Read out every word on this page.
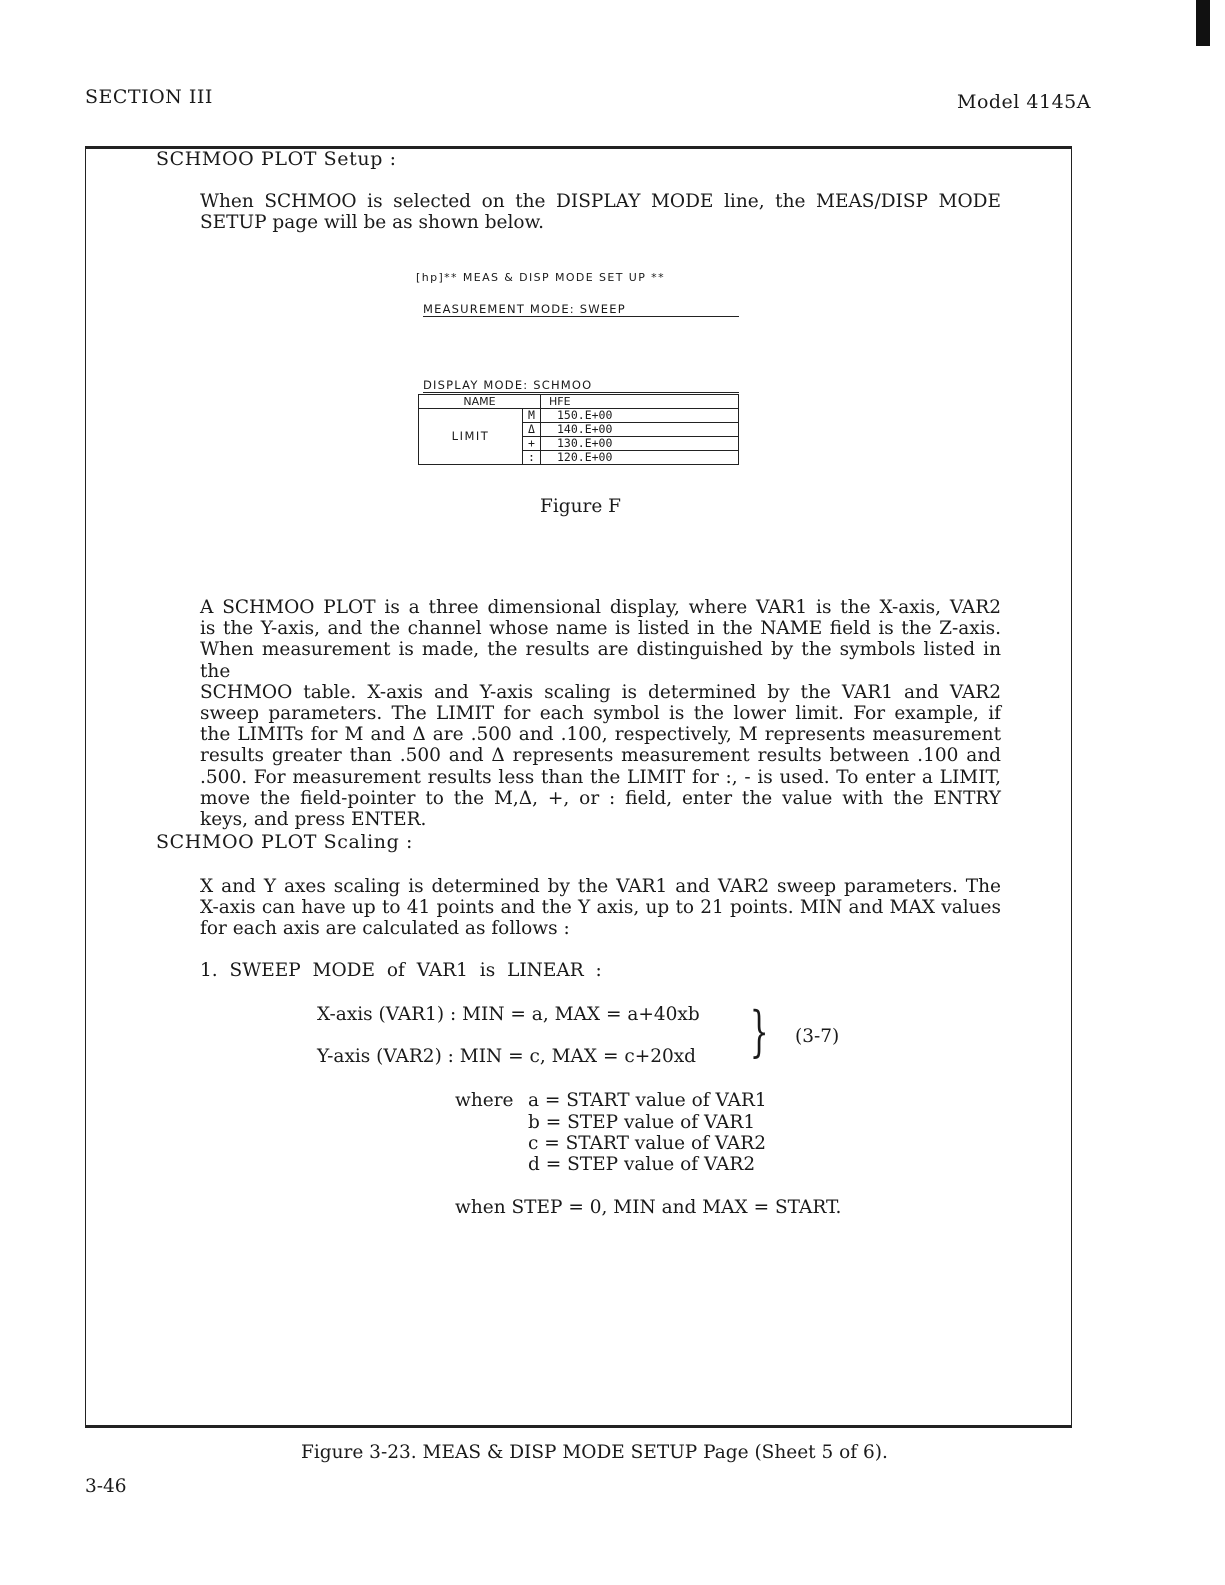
SECTION III	Model 4145A
SCHMOO PLOT Setup :
When SCHMOO is selected on the DISPLAY MODE line, the MEAS/DISP MODE
SETUP page will be as shown below.
[hp]** MEAS & DISP MODE SET UP **
MEASUREMENT MODE: SWEEP
DISPLAY MODE: SCHMOO
NAME		HFE
LIMIT	M	150.E+00
	Δ	140.E+00
	+	130.E+00
	:	120.E+00
Figure F
A SCHMOO PLOT is a three dimensional display, where VAR1 is the X-axis, VAR2
is the Y-axis, and the channel whose name is listed in the NAME field is the Z-axis.
When measurement is made, the results are distinguished by the symbols listed in the
SCHMOO table. X-axis and Y-axis scaling is determined by the VAR1 and VAR2
sweep parameters. The LIMIT for each symbol is the lower limit. For example, if
the LIMITs for M and Δ are .500 and .100, respectively, M represents measurement
results greater than .500 and Δ represents measurement results between .100 and
.500. For measurement results less than the LIMIT for :, - is used. To enter a LIMIT,
move the field-pointer to the M,Δ, +, or : field, enter the value with the ENTRY
keys, and press ENTER.
SCHMOO PLOT Scaling :
X and Y axes scaling is determined by the VAR1 and VAR2 sweep parameters. The
X-axis can have up to 41 points and the Y axis, up to 21 points. MIN and MAX values
for each axis are calculated as follows :
1. SWEEP MODE of VAR1 is LINEAR :
X-axis (VAR1) : MIN = a, MAX = a+40xb
Y-axis (VAR2) : MIN = c, MAX = c+20xd } (3-7)
where a = START value of VAR1
b = STEP value of VAR1
c = START value of VAR2
d = STEP value of VAR2
when STEP = 0, MIN and MAX = START.
Figure 3-23. MEAS & DISP MODE SETUP Page (Sheet 5 of 6).
3-46
